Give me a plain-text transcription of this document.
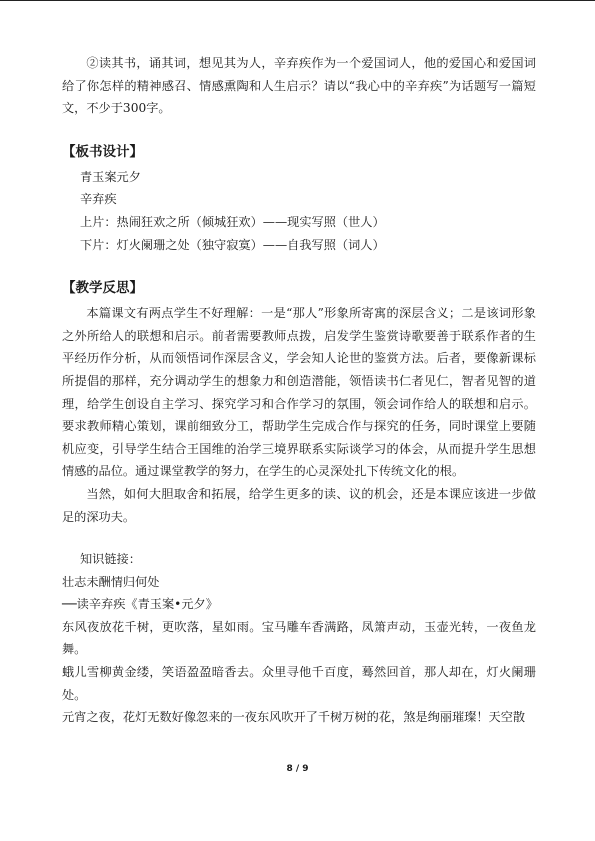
②读其书，诵其词，想见其为人，辛弃疾作为一个爱国词人，他的爱国心和爱国词给了你怎样的精神感召、情感熏陶和人生启示？请以“我心中的辛弃疾”为话题写一篇短文，不少于300字。

【板书设计】

青玉案元夕

辛弃疾

上片：热闹狂欢之所（倾城狂欢）——现实写照（世人）

下片：灯火阑珊之处（独守寂寞）——自我写照（词人）

【教学反思】

本篇课文有两点学生不好理解：一是“那人”形象所寄寓的深层含义；二是该词形象之外所给人的联想和启示。前者需要教师点拨，启发学生鉴赏诗歌要善于联系作者的生平经历作分析，从而领悟词作深层含义，学会知人论世的鉴赏方法。后者，要像新课标所提倡的那样，充分调动学生的想象力和创造潜能，领悟读书仁者见仁，智者见智的道理，给学生创设自主学习、探究学习和合作学习的氛围，领会词作给人的联想和启示。要求教师精心策划，课前细致分工，帮助学生完成合作与探究的任务，同时课堂上要随机应变，引导学生结合王国维的治学三境界联系实际谈学习的体会，从而提升学生思想情感的品位。通过课堂教学的努力，在学生的心灵深处扎下传统文化的根。

当然，如何大胆取舍和拓展，给学生更多的读、议的机会，还是本课应该进一步做足的深功夫。

知识链接：

壮志未酬情归何处

──读辛弃疾《青玉案•元夕》

东风夜放花千树，更吹落，星如雨。宝马雕车香满路，凤箫声动，玉壶光转，一夜鱼龙舞。

蛾儿雪柳黄金缕，笑语盈盈暗香去。众里寻他千百度，蓦然回首，那人却在，灯火阑珊处。

元宵之夜，花灯无数好像忽来的一夜东风吹开了千树万树的花，煞是绚丽璀璨！天空散

8 / 9
